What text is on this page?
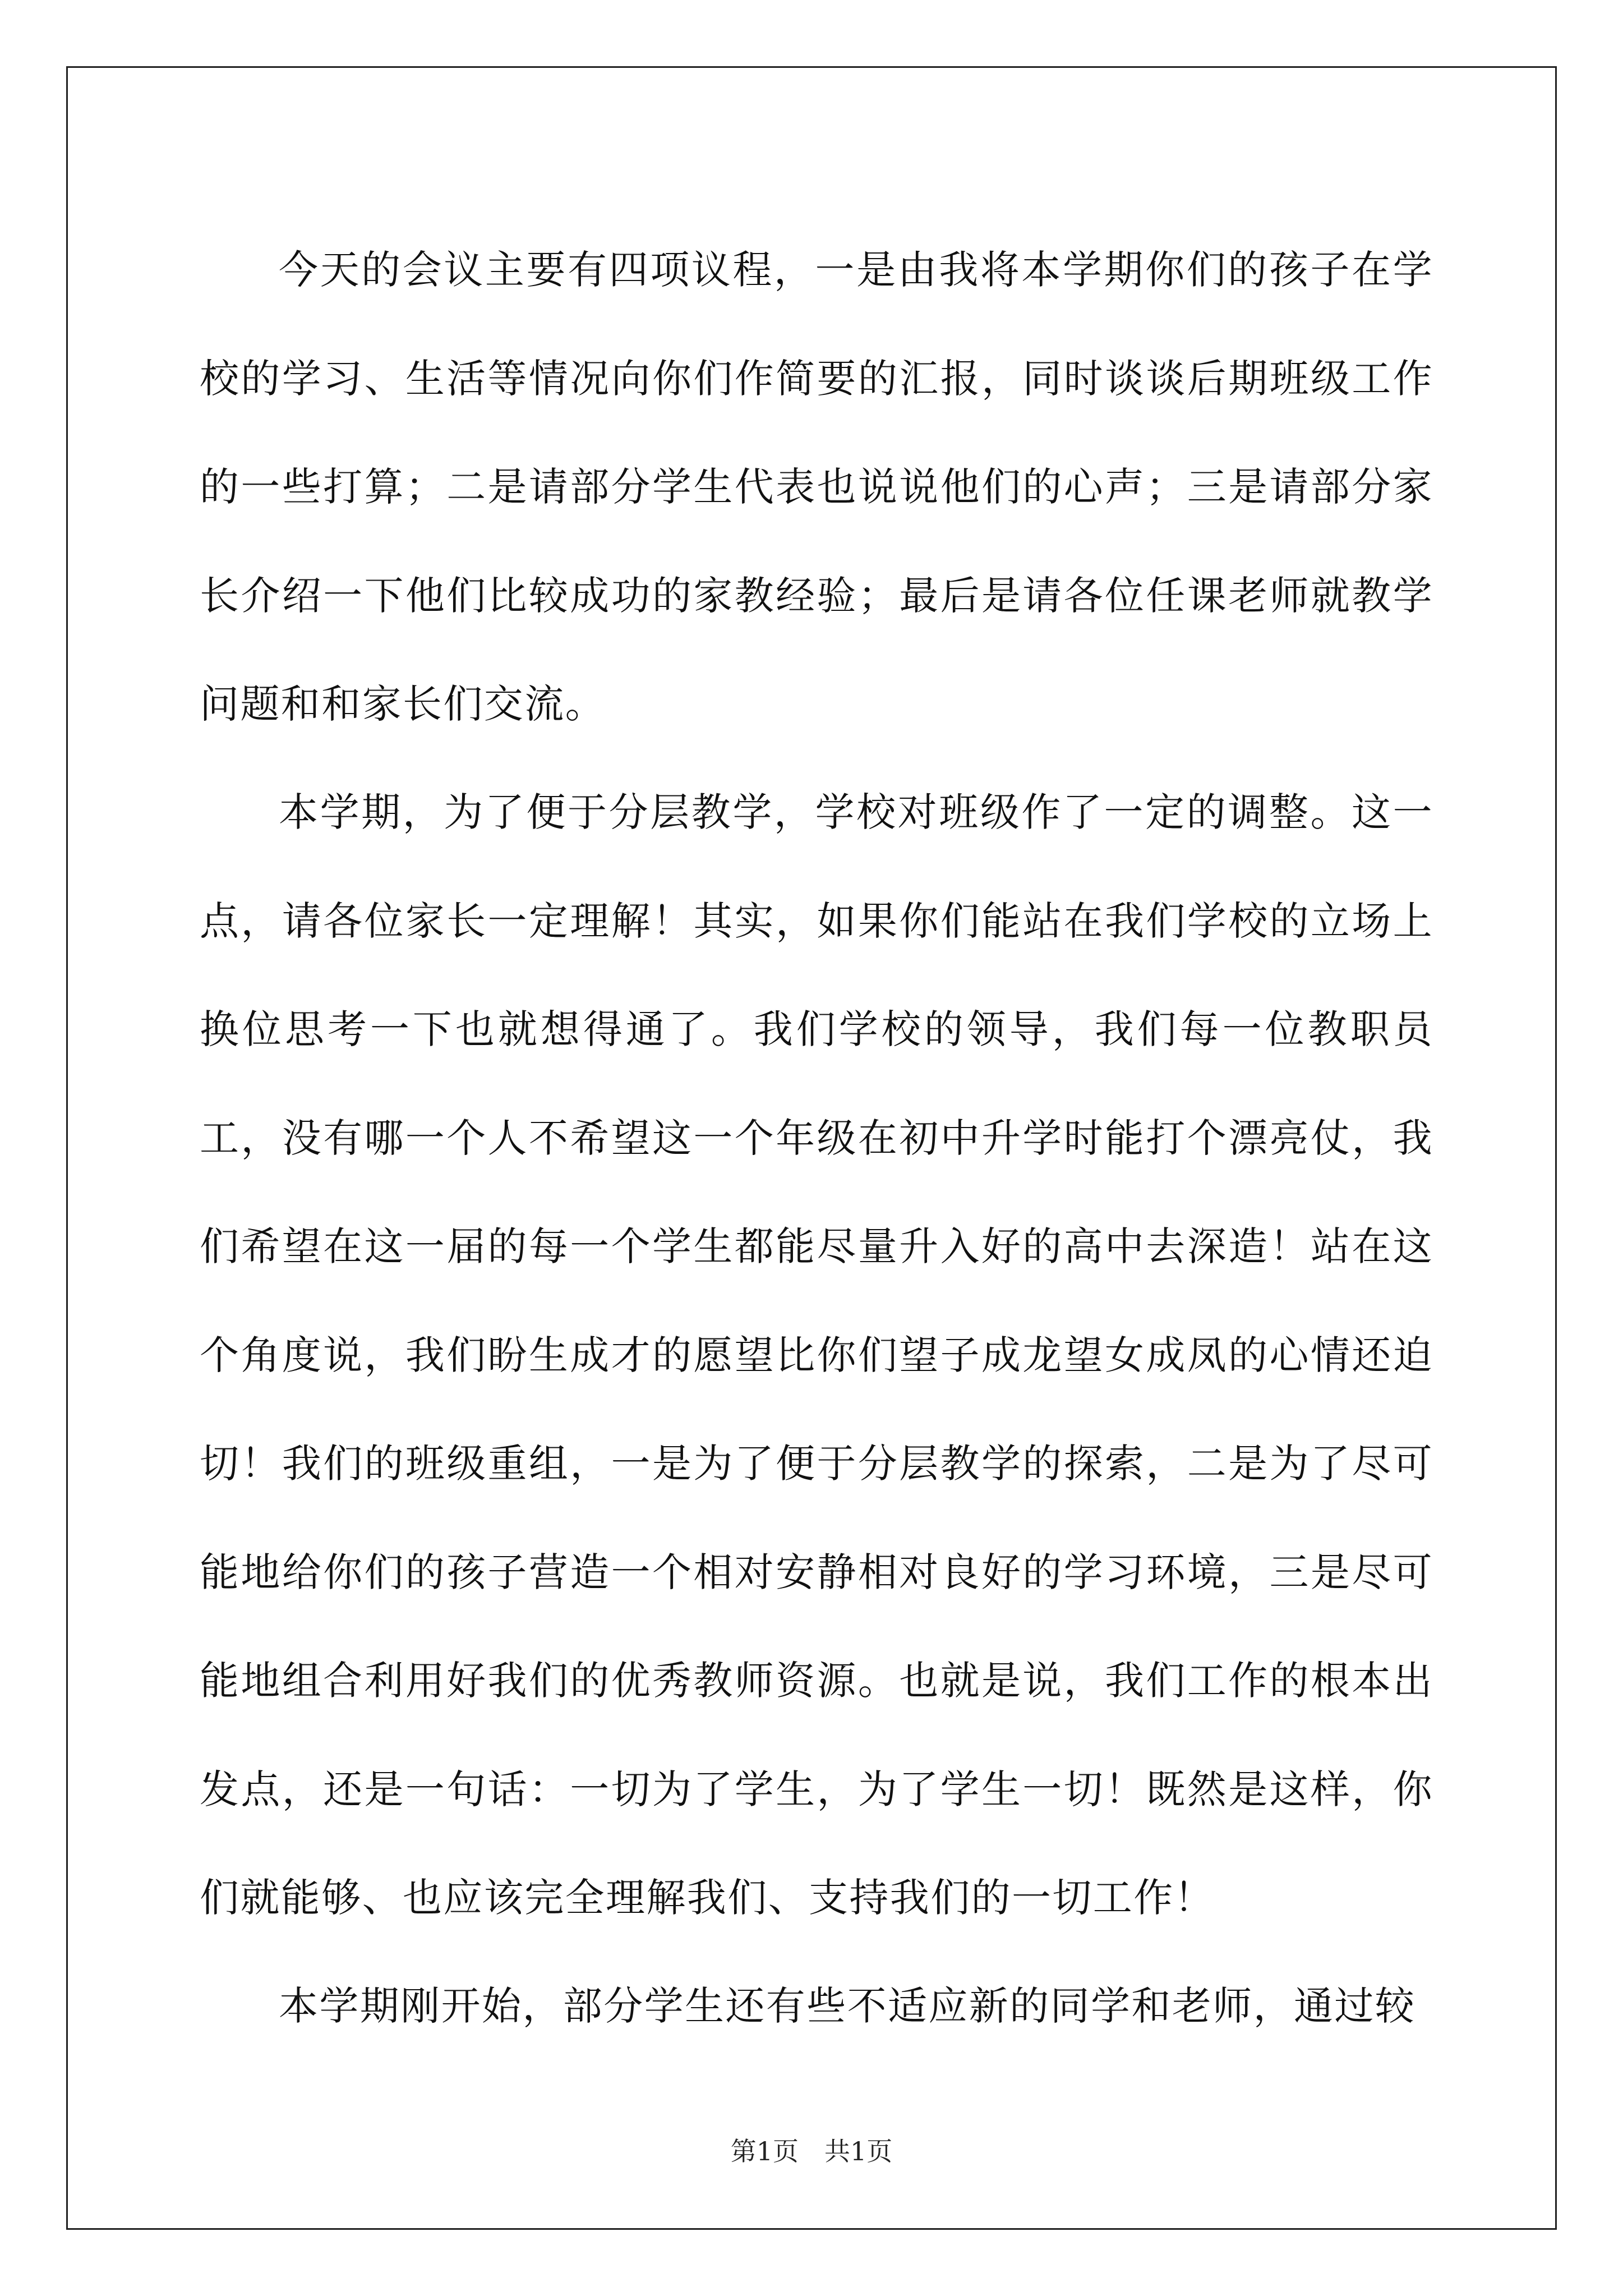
今天的会议主要有四项议程，一是由我将本学期你们的孩子在学校的学习、生活等情况向你们作简要的汇报，同时谈谈后期班级工作的一些打算；二是请部分学生代表也说说他们的心声；三是请部分家长介绍一下他们比较成功的家教经验；最后是请各位任课老师就教学问题和和家长们交流。

本学期，为了便于分层教学，学校对班级作了一定的调整。这一点，请各位家长一定理解！其实，如果你们能站在我们学校的立场上换位思考一下也就想得通了。我们学校的领导，我们每一位教职员工，没有哪一个人不希望这一个年级在初中升学时能打个漂亮仗，我们希望在这一届的每一个学生都能尽量升入好的高中去深造！站在这个角度说，我们盼生成才的愿望比你们望子成龙望女成凤的心情还迫切！我们的班级重组，一是为了便于分层教学的探索，二是为了尽可能地给你们的孩子营造一个相对安静相对良好的学习环境，三是尽可能地组合利用好我们的优秀教师资源。也就是说，我们工作的根本出发点，还是一句话：一切为了学生，为了学生一切！既然是这样，你们就能够、也应该完全理解我们、支持我们的一切工作！

本学期刚开始，部分学生还有些不适应新的同学和老师，通过较

第1页　共1页
